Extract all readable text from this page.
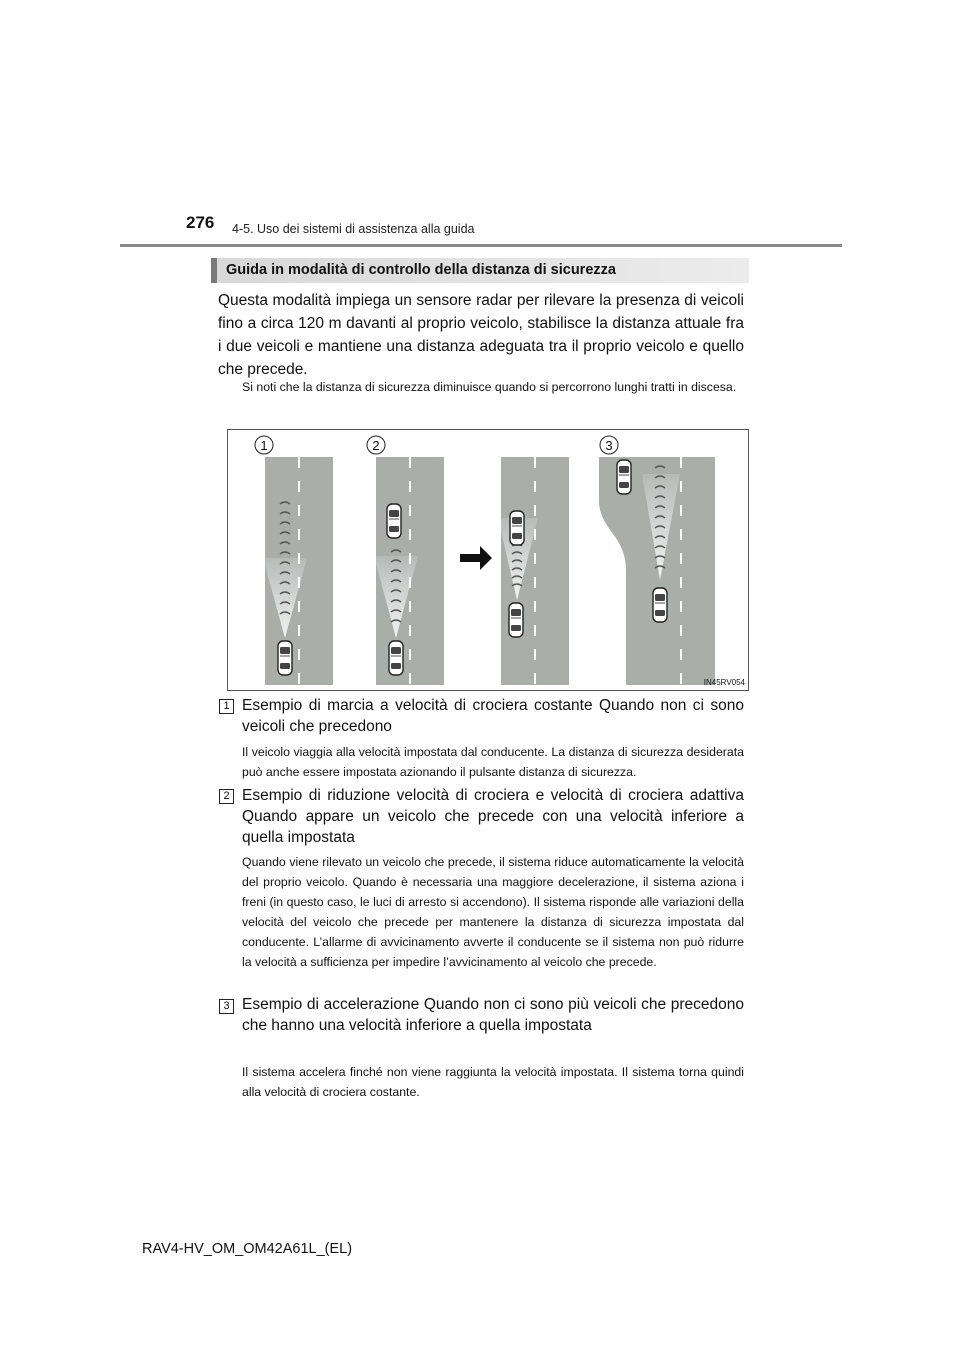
276 4-5. Uso dei sistemi di assistenza alla guida
Guida in modalità di controllo della distanza di sicurezza
Questa modalità impiega un sensore radar per rilevare la presenza di veicoli fino a circa 120 m davanti al proprio veicolo, stabilisce la distanza attuale fra i due veicoli e mantiene una distanza adeguata tra il proprio veicolo e quello che precede.
Si noti che la distanza di sicurezza diminuisce quando si percorrono lunghi tratti in discesa.
1	2	3
IN45RV054
1 Esempio di marcia a velocità di crociera costante Quando non ci sono veicoli che precedono
Il veicolo viaggia alla velocità impostata dal conducente. La distanza di sicurezza desiderata può anche essere impostata azionando il pulsante distanza di sicurezza.
2 Esempio di riduzione velocità di crociera e velocità di crociera adattiva Quando appare un veicolo che precede con una velocità inferiore a quella impostata
Quando viene rilevato un veicolo che precede, il sistema riduce automaticamente la velocità del proprio veicolo. Quando è necessaria una maggiore decelerazione, il sistema aziona i freni (in questo caso, le luci di arresto si accendono). Il sistema risponde alle variazioni della velocità del veicolo che precede per mantenere la distanza di sicurezza impostata dal conducente. L’allarme di avvicinamento avverte il conducente se il sistema non può ridurre la velocità a sufficienza per impedire l’avvicinamento al veicolo che precede.
3 Esempio di accelerazione Quando non ci sono più veicoli che precedono che hanno una velocità inferiore a quella impostata
Il sistema accelera finché non viene raggiunta la velocità impostata. Il sistema torna quindi alla velocità di crociera costante.
RAV4-HV_OM_OM42A61L_(EL)
